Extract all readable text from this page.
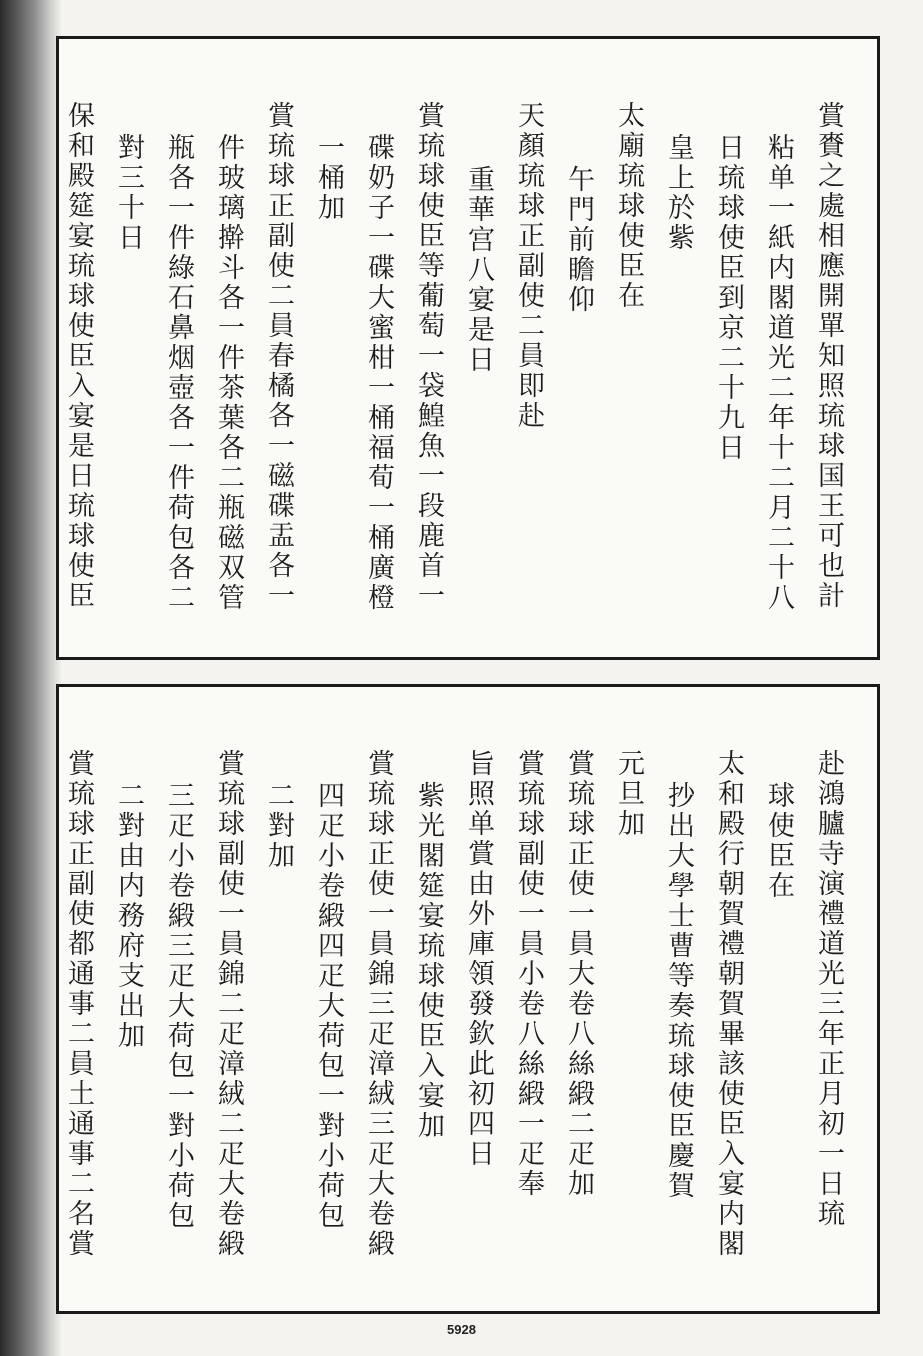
賞賚之處相應開單知照琉球国王可也計
粘单一紙内閣道光二年十二月二十八
日琉球使臣到京二十九日
皇上於紫
太廟琉球使臣在
午門前瞻仰
天顏琉球正副使二員即赴
重華宫八宴是日
賞琉球使臣等葡萄一袋鰉魚一段鹿首一
碟奶子一碟大蜜柑一桶福荀一桶廣橙
一桶加
賞琉球正副使二員春橘各一磁碟盂各一
件玻璃擀斗各一件茶葉各二瓶磁双管
瓶各一件綠石鼻烟壺各一件荷包各二
對三十日
保和殿筵宴琉球使臣入宴是日琉球使臣
赴鴻臚寺演禮道光三年正月初一日琉
球使臣在
太和殿行朝賀禮朝賀畢該使臣入宴内閣
抄出大學士曹等奏琉球使臣慶賀
元旦加
賞琉球正使一員大卷八絲緞二疋加
賞琉球副使一員小卷八絲緞一疋奉
旨照单賞由外庫領發欽此初四日
紫光閣筵宴琉球使臣入宴加
賞琉球正使一員錦三疋漳絨三疋大卷緞
四疋小卷緞四疋大荷包一對小荷包
二對加
賞琉球副使一員錦二疋漳絨二疋大卷緞
三疋小卷緞三疋大荷包一對小荷包
二對由内務府支出加
賞琉球正副使都通事二員土通事二名賞
5928
